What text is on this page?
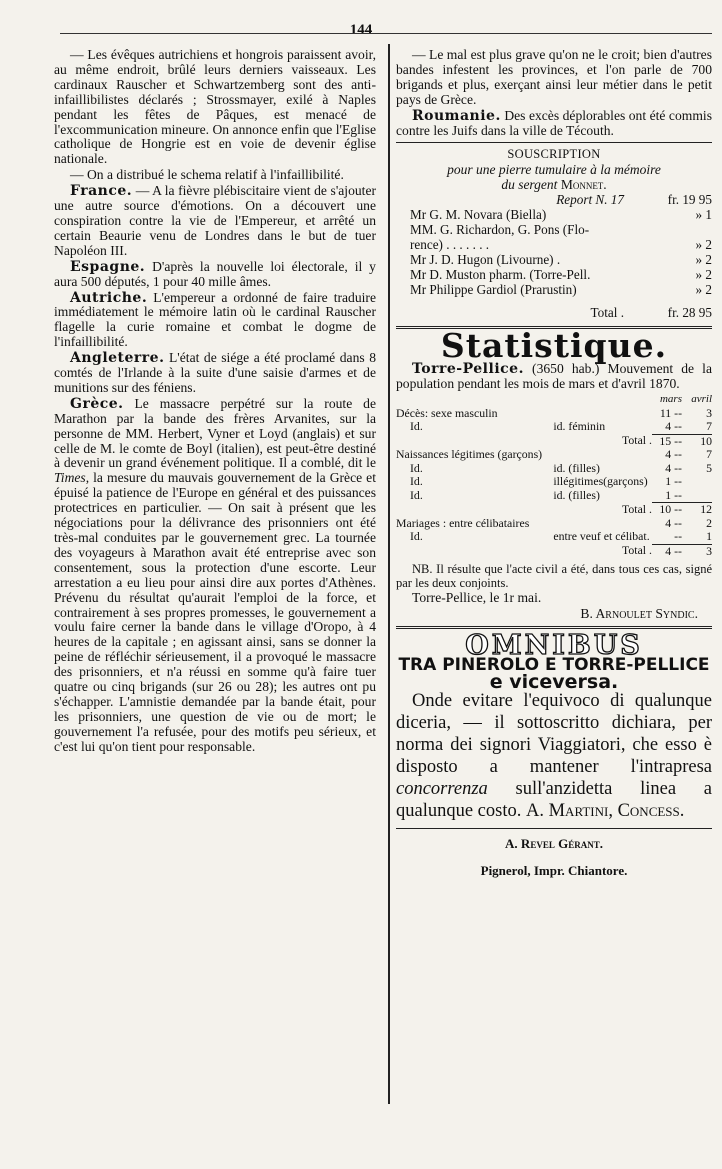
144

— Les évêques autrichiens et hongrois paraissent avoir, au même endroit, brûlé leurs derniers vaisseaux. Les cardinaux Rauscher et Schwartzemberg sont des anti-infaillibilistes déclarés ; Strossmayer, exilé à Naples pendant les fêtes de Pâques, est menacé de l'excommunication mineure. On annonce enfin que l'Eglise catholique de Hongrie est en voie de devenir église nationale.

— On a distribué le schema relatif à l'infaillibilité.

France. — A la fièvre plébiscitaire vient de s'ajouter une autre source d'émotions. On a découvert une conspiration contre la vie de l'Empereur, et arrêté un certain Beaurie venu de Londres dans le but de tuer Napoléon III.

Espagne. D'après la nouvelle loi électorale, il y aura 500 députés, 1 pour 40 mille âmes.

Autriche. L'empereur a ordonné de faire traduire immédiatement le mémoire latin où le cardinal Rauscher flagelle la curie romaine et combat le dogme de l'infaillibilité.

Angleterre. L'état de siége a été proclamé dans 8 comtés de l'Irlande à la suite d'une saisie d'armes et de munitions sur des féniens.

Grèce. Le massacre perpétré sur la route de Marathon par la bande des frères Arvanites, sur la personne de MM. Herbert, Vyner et Loyd (anglais) et sur celle de M. le comte de Boyl (italien), est peut-être destiné à devenir un grand événement politique. Il a comblé, dit le Times, la mesure du mauvais gouvernement de la Grèce et épuisé la patience de l'Europe en général et des puissances protectrices en particulier. — On sait à présent que les négociations pour la délivrance des prisonniers ont été très-mal conduites par le gouvernement grec. La tournée des voyageurs à Marathon avait été entreprise avec son consentement, sous la protection d'une escorte. Leur arrestation a eu lieu pour ainsi dire aux portes d'Athènes. Prévenu du résultat qu'aurait l'emploi de la force, et contrairement à ses propres promesses, le gouvernement a voulu faire cerner la bande dans le village d'Oropo, à 4 heures de la capitale ; en agissant ainsi, sans se donner la peine de réfléchir sérieusement, il a provoqué le massacre des prisonniers, et n'a réussi en somme qu'à faire tuer quatre ou cinq brigands (sur 26 ou 28); les autres ont pu s'échapper. L'amnistie demandée par la bande était, pour les prisonniers, une question de vie ou de mort; le gouvernement l'a refusée, pour des motifs peu sérieux, et c'est lui qu'on tient pour responsable.

— Le mal est plus grave qu'on ne le croit; bien d'autres bandes infestent les provinces, et l'on parle de 700 brigands et plus, exerçant ainsi leur métier dans le petit pays de Grèce.

Roumanie. Des excès déplorables ont été commis contre les Juifs dans la ville de Técouth.

SOUSCRIPTION
pour une pierre tumulaire à la mémoire
du sergent Monnet.
Report N. 17	fr. 19 95
Mr G. M. Novara (Biella)	» 1
MM. G. Richardon, G. Pons (Flo-
rence) . . . . . . .	» 2
Mr J. D. Hugon (Livourne) .	» 2
Mr D. Muston pharm. (Torre-Pell.	» 2
Mr Philippe Gardiol (Prarustin)	» 2
Total .	fr. 28 95
Statistique.

Torre-Pellice. (3650 hab.) Mouvement de la population pendant les mois de mars et d'avril 1870.

		mars	avril
Décès: sexe masculin		11 --	3
Id.	id. féminin	4 --	7
	Total .	15 --	10
Naissances légitimes (garçons)		4 --	7
Id.	id. (filles)	4 --	5
Id.	illégitimes(garçons)	1 --	
Id.	id. (filles)	1 --	
	Total .	10 --	12
Mariages : entre célibataires		4 --	2
Id.	entre veuf et célibat.	--	1
	Total .	4 --	3

NB. Il résulte que l'acte civil a été, dans tous ces cas, signé par les deux conjoints.

Torre-Pellice, le 1r mai.

B. Arnoulet Syndic.

OMNIBUS
TRA PINEROLO E TORRE-PELLICE
e viceversa.

Onde evitare l'equivoco di qualunque diceria, — il sottoscritto dichiara, per norma dei signori Viaggiatori, che esso è disposto a mantener l'intrapresa concorrenza sull'anzidetta linea a qualunque costo. A. Martini, Concess.

A. Revel Gérant.
Pignerol, Impr. Chiantore.
